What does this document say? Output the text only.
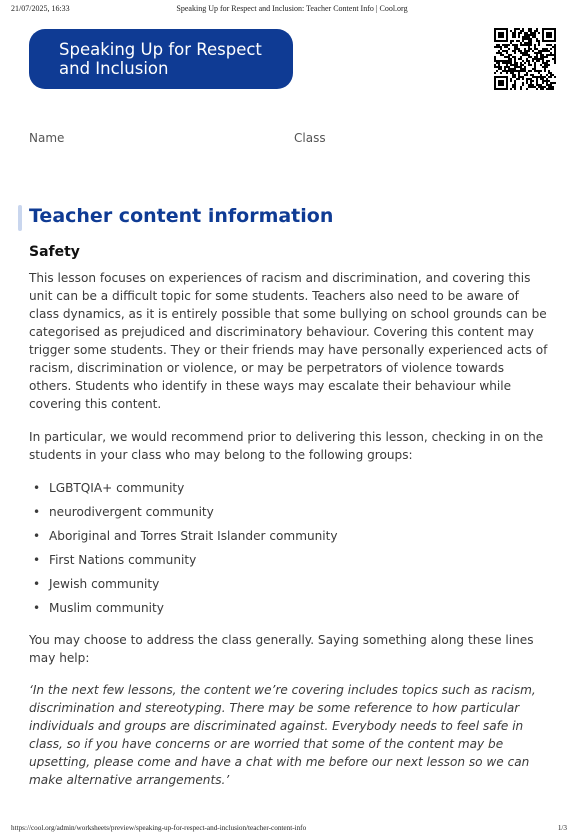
21/07/2025, 16:33	Speaking Up for Respect and Inclusion: Teacher Content Info | Cool.org
Speaking Up for Respect
and Inclusion
Name	Class
Teacher content information
Safety

This lesson focuses on experiences of racism and discrimination, and covering this unit can be a difficult topic for some students. Teachers also need to be aware of class dynamics, as it is entirely possible that some bullying on school grounds can be categorised as prejudiced and discriminatory behaviour. Covering this content may trigger some students. They or their friends may have personally experienced acts of racism, discrimination or violence, or may be perpetrators of violence towards others. Students who identify in these ways may escalate their behaviour while covering this content.

In particular, we would recommend prior to delivering this lesson, checking in on the students in your class who may belong to the following groups:

• LGBTQIA+ community
• neurodivergent community
• Aboriginal and Torres Strait Islander community
• First Nations community
• Jewish community
• Muslim community

You may choose to address the class generally. Saying something along these lines may help:

‘In the next few lessons, the content we’re covering includes topics such as racism, discrimination and stereotyping. There may be some reference to how particular individuals and groups are discriminated against. Everybody needs to feel safe in class, so if you have concerns or are worried that some of the content may be upsetting, please come and have a chat with me before our next lesson so we can make alternative arrangements.’

https://cool.org/admin/worksheets/preview/speaking-up-for-respect-and-inclusion/teacher-content-info	1/3
